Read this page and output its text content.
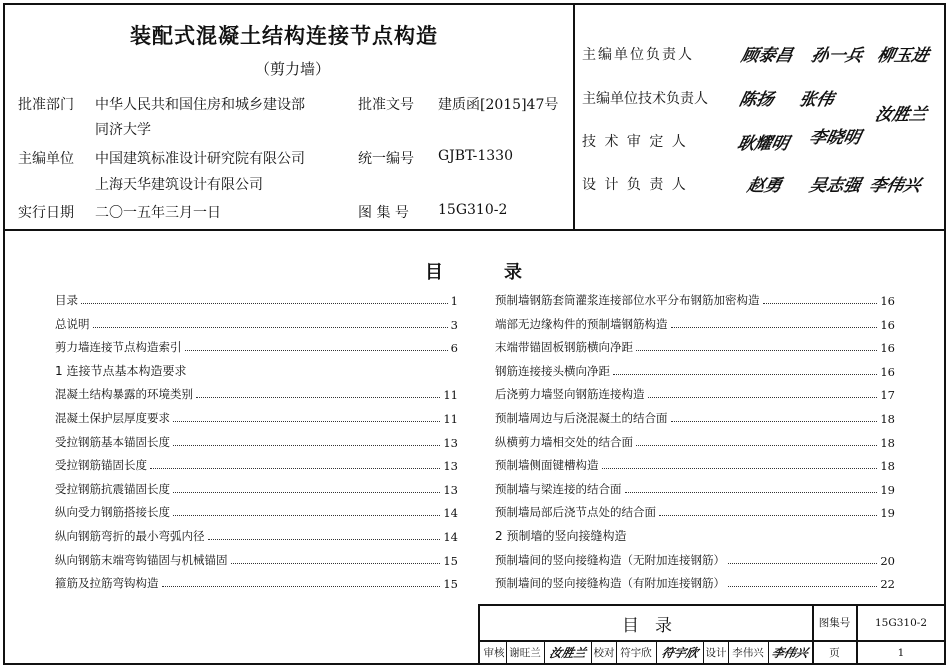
装配式混凝土结构连接节点构造
（剪力墙）
批准部门 中华人民共和国住房和城乡建设部	批准文号 建质函[2015]47号
同济大学
主编单位 中国建筑标准设计研究院有限公司	统一编号 GJBT-1330
上海天华建筑设计有限公司
实行日期 二〇一五年三月一日	图 集 号 15G310-2
主编单位负责人	顾泰昌 孙一兵 柳玉进
主编单位技术负责人 陈扬 张伟
汝胜兰
技 术 审 定 人	耿耀明 李晓明
设 计 负 责 人	赵勇 吴志强 李伟兴
目	录
目录	1
总说明	3
剪力墙连接节点构造索引	6
1 连接节点基本构造要求
混凝土结构暴露的环境类别	11
混凝土保护层厚度要求	11
受拉钢筋基本锚固长度	13
受拉钢筋锚固长度	13
受拉钢筋抗震锚固长度	13
纵向受力钢筋搭接长度	14
纵向钢筋弯折的最小弯弧内径	14
纵向钢筋末端弯钩锚固与机械锚固	15
箍筋及拉筋弯钩构造	15
预制墙钢筋套筒灌浆连接部位水平分布钢筋加密构造	16
端部无边缘构件的预制墙钢筋构造	16
末端带锚固板钢筋横向净距	16
钢筋连接接头横向净距	16
后浇剪力墙竖向钢筋连接构造	17
预制墙周边与后浇混凝土的结合面	18
纵横剪力墙相交处的结合面	18
预制墙侧面键槽构造	18
预制墙与梁连接的结合面	19
预制墙局部后浇节点处的结合面	19
2 预制墙的竖向接缝构造
预制墙间的竖向接缝构造（无附加连接钢筋）	20
预制墙间的竖向接缝构造（有附加连接钢筋）	22
目 录	图集号	15G310-2
审核 谢旺兰 汝胜兰 校对 符宇欣 符宇欣 设计 李伟兴 李伟兴	页	1
